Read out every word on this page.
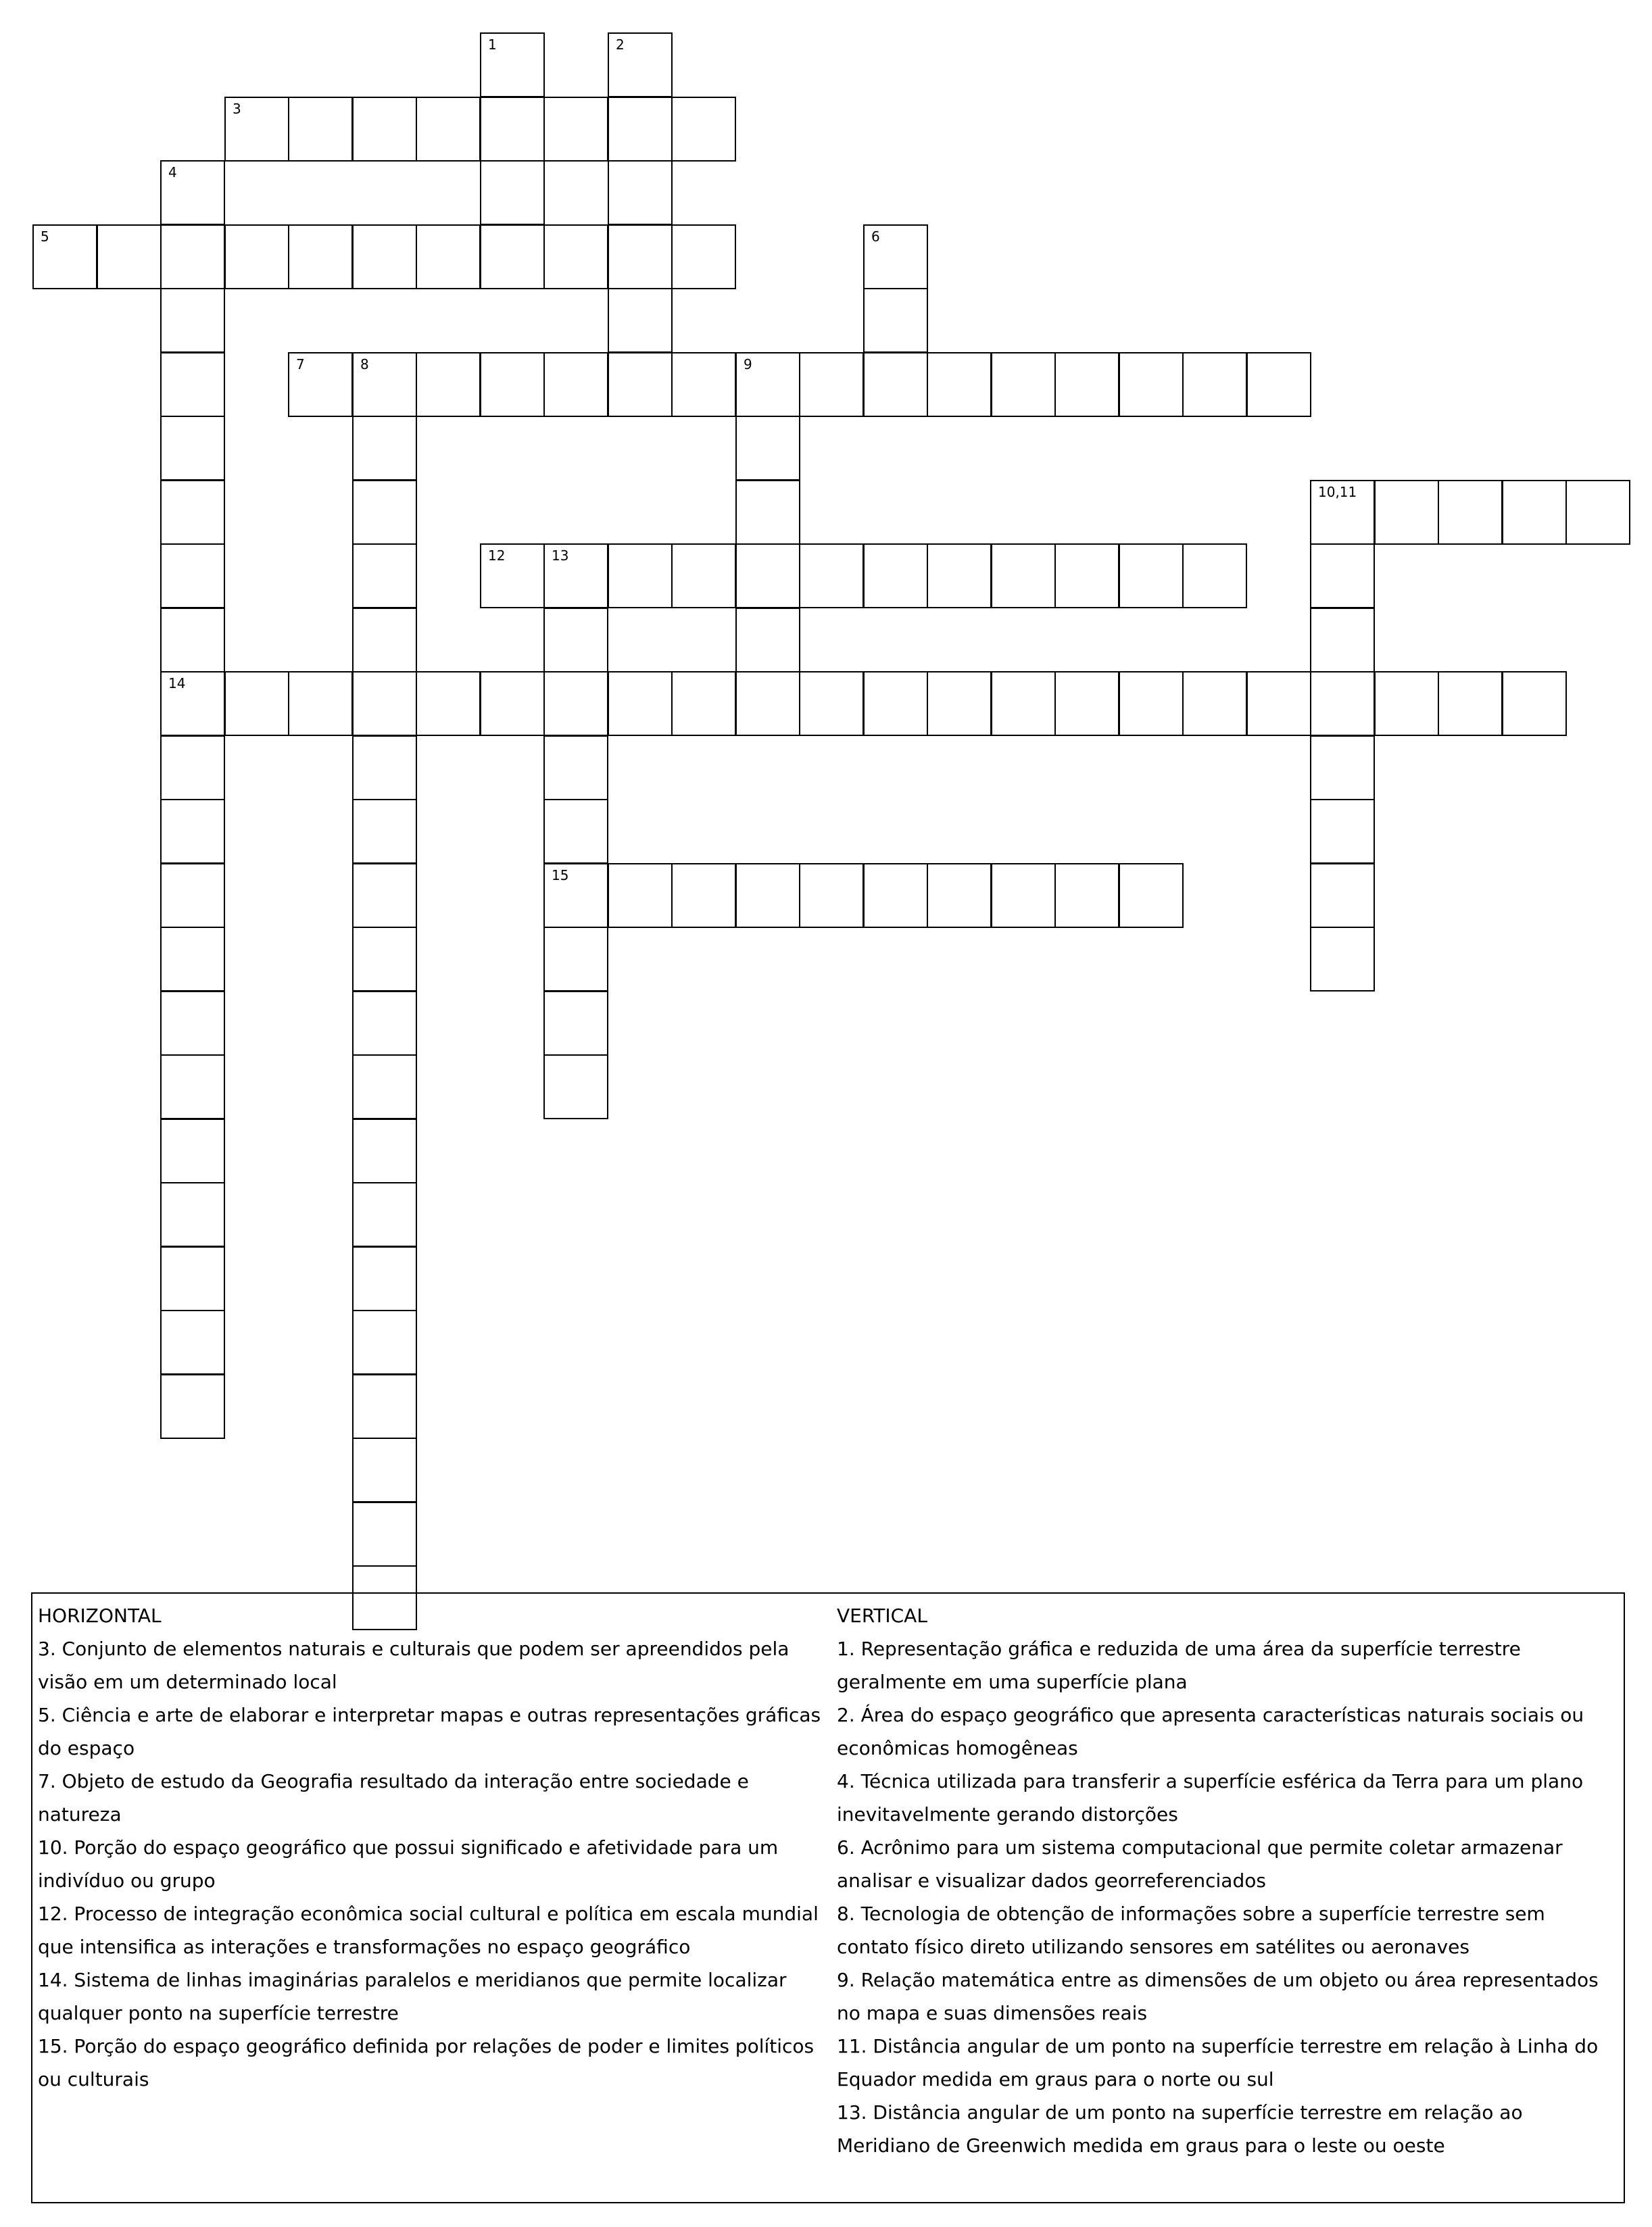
1	2
3
4
14
5	6
7	8	9
10,11
12	13
15

HORIZONTAL

3. Conjunto de elementos naturais e culturais que podem ser apreendidos pela visão em um determinado local

5. Ciência e arte de elaborar e interpretar mapas e outras representações gráficas do espaço

7. Objeto de estudo da Geografia resultado da interação entre sociedade e natureza

10. Porção do espaço geográfico que possui significado e afetividade para um indivíduo ou grupo

12. Processo de integração econômica social cultural e política em escala mundial que intensifica as interações e transformações no espaço geográfico

14. Sistema de linhas imaginárias paralelos e meridianos que permite localizar qualquer ponto na superfície terrestre

15. Porção do espaço geográfico definida por relações de poder e limites políticos ou culturais

VERTICAL

1. Representação gráfica e reduzida de uma área da superfície terrestre geralmente em uma superfície plana

2. Área do espaço geográfico que apresenta características naturais sociais ou econômicas homogêneas

4. Técnica utilizada para transferir a superfície esférica da Terra para um plano inevitavelmente gerando distorções

6. Acrônimo para um sistema computacional que permite coletar armazenar analisar e visualizar dados georreferenciados

8. Tecnologia de obtenção de informações sobre a superfície terrestre sem contato físico direto utilizando sensores em satélites ou aeronaves

9. Relação matemática entre as dimensões de um objeto ou área representados no mapa e suas dimensões reais

11. Distância angular de um ponto na superfície terrestre em relação à Linha do Equador medida em graus para o norte ou sul

13. Distância angular de um ponto na superfície terrestre em relação ao Meridiano de Greenwich medida em graus para o leste ou oeste
